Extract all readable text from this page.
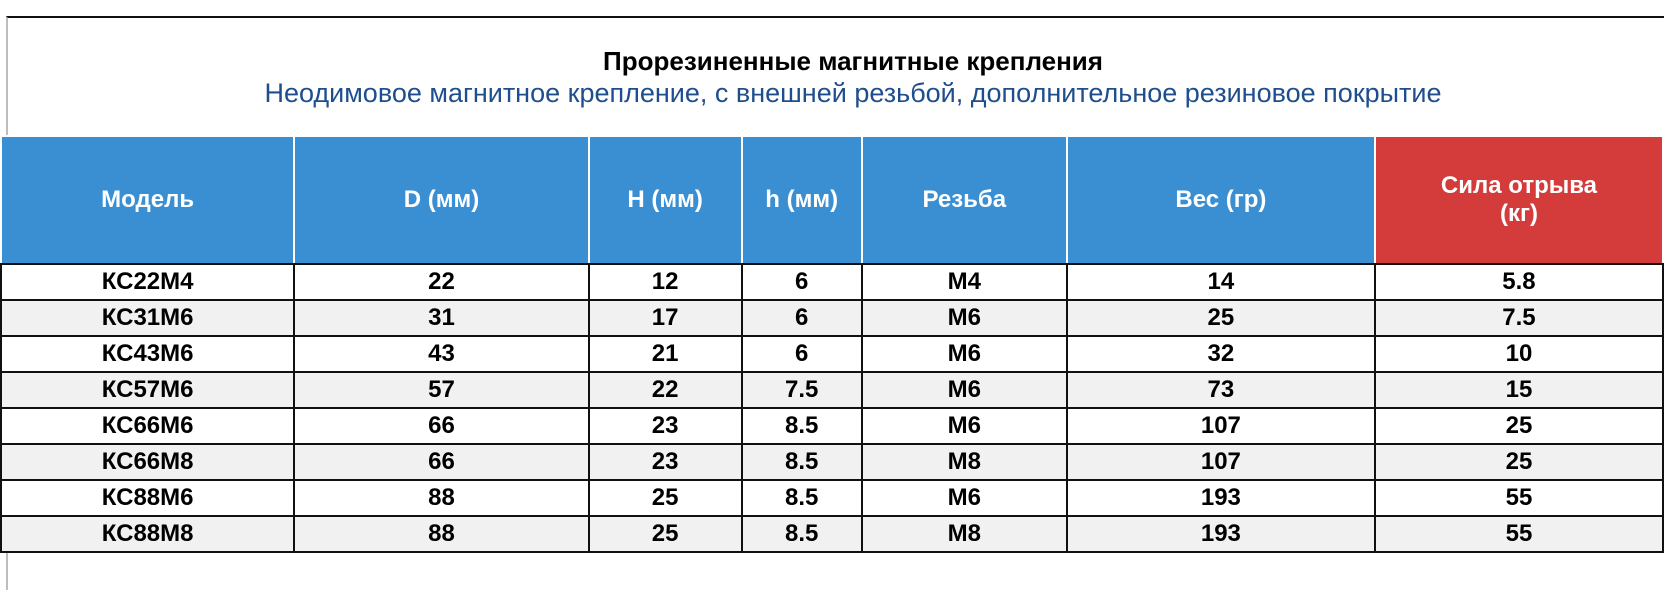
Прорезиненные магнитные крепления
Неодимовое магнитное крепление, с внешней резьбой, дополнительное резиновое покрытие
Модель	D (мм)	H (мм)	h (мм)	Резьба	Вес (гр)	Сила отрыва (кг)
КС22М4	22	12	6	М4	14	5.8
КС31М6	31	17	6	М6	25	7.5
КС43М6	43	21	6	М6	32	10
КС57М6	57	22	7.5	М6	73	15
КС66М6	66	23	8.5	М6	107	25
КС66М8	66	23	8.5	М8	107	25
КС88М6	88	25	8.5	М6	193	55
КС88М8	88	25	8.5	М8	193	55
